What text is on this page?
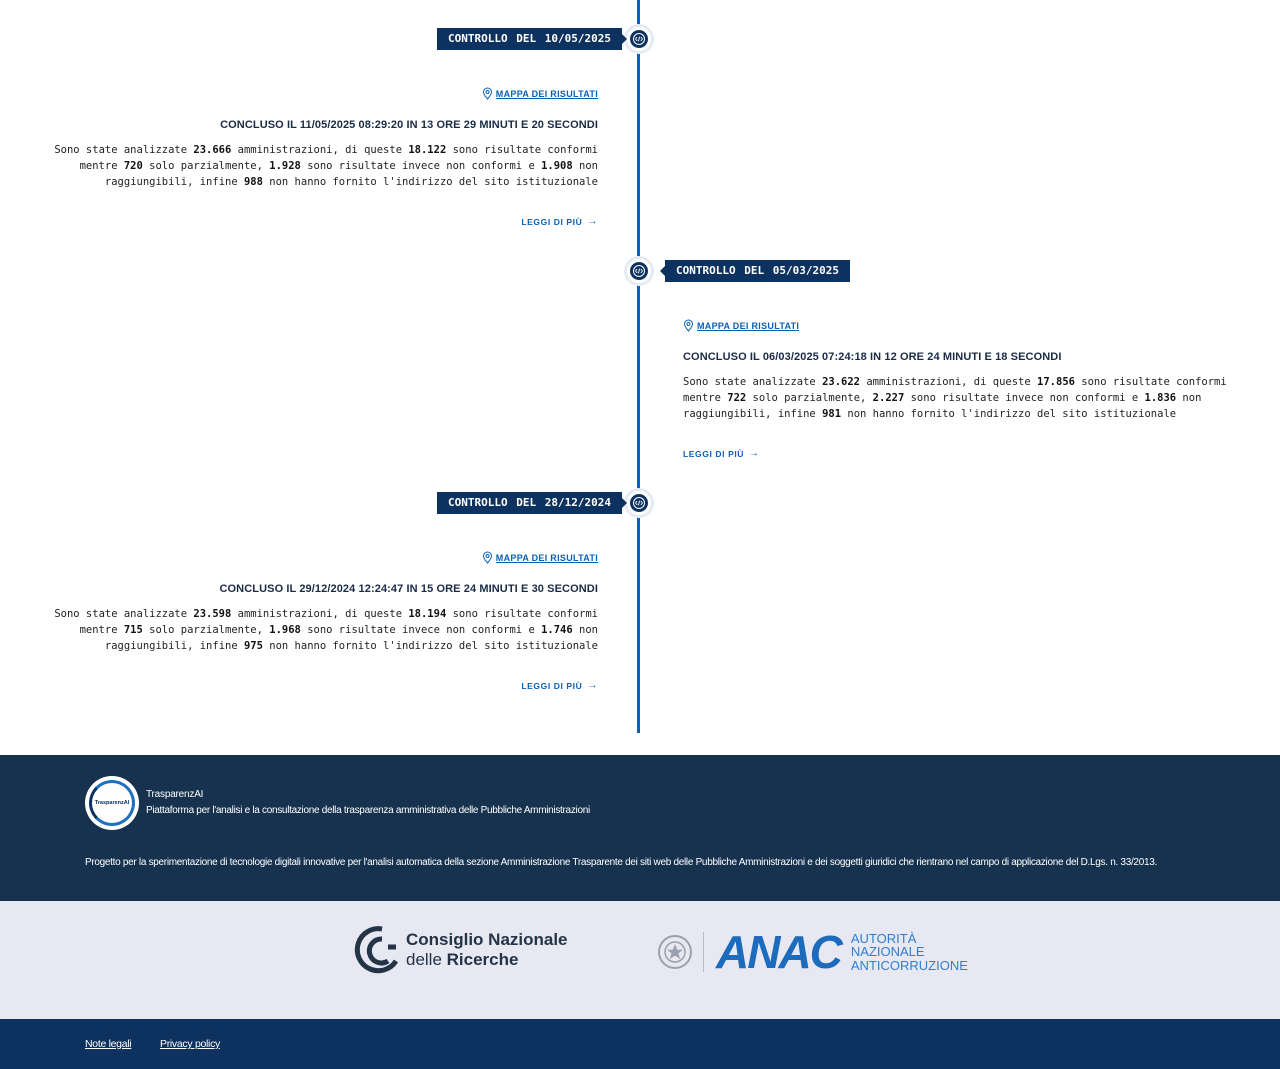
CONTROLLO DEL 10/05/2025
MAPPA DEI RISULTATI
CONCLUSO IL 11/05/2025 08:29:20 IN 13 ORE 29 MINUTI E 20 SECONDI

Sono state analizzate 23.666 amministrazioni, di queste 18.122 sono risultate conformi mentre 720 solo parzialmente, 1.928 sono risultate invece non conformi e 1.908 non raggiungibili, infine 988 non hanno fornito l'indirizzo del sito istituzionale

LEGGI DI PIÙ →
CONTROLLO DEL 05/03/2025
MAPPA DEI RISULTATI
CONCLUSO IL 06/03/2025 07:24:18 IN 12 ORE 24 MINUTI E 18 SECONDI

Sono state analizzate 23.622 amministrazioni, di queste 17.856 sono risultate conformi mentre 722 solo parzialmente, 2.227 sono risultate invece non conformi e 1.836 non raggiungibili, infine 981 non hanno fornito l'indirizzo del sito istituzionale

LEGGI DI PIÙ →
CONTROLLO DEL 28/12/2024
MAPPA DEI RISULTATI
CONCLUSO IL 29/12/2024 12:24:47 IN 15 ORE 24 MINUTI E 30 SECONDI

Sono state analizzate 23.598 amministrazioni, di queste 18.194 sono risultate conformi mentre 715 solo parzialmente, 1.968 sono risultate invece non conformi e 1.746 non raggiungibili, infine 975 non hanno fornito l'indirizzo del sito istituzionale

LEGGI DI PIÙ →
TrasparenzAI
TrasparenzAI
Piattaforma per l'analisi e la consultazione della trasparenza amministrativa delle Pubbliche Amministrazioni
Progetto per la sperimentazione di tecnologie digitali innovative per l'analisi automatica della sezione Amministrazione Trasparente dei siti web delle Pubbliche Amministrazioni e dei soggetti giuridici che rientrano nel campo di applicazione del D.Lgs. n. 33/2013.
Consiglio Nazionale
delle Ricerche	ANAC AUTORITÀ
NAZIONALE
ANTICORRUZIONE
Note legali	Privacy policy
